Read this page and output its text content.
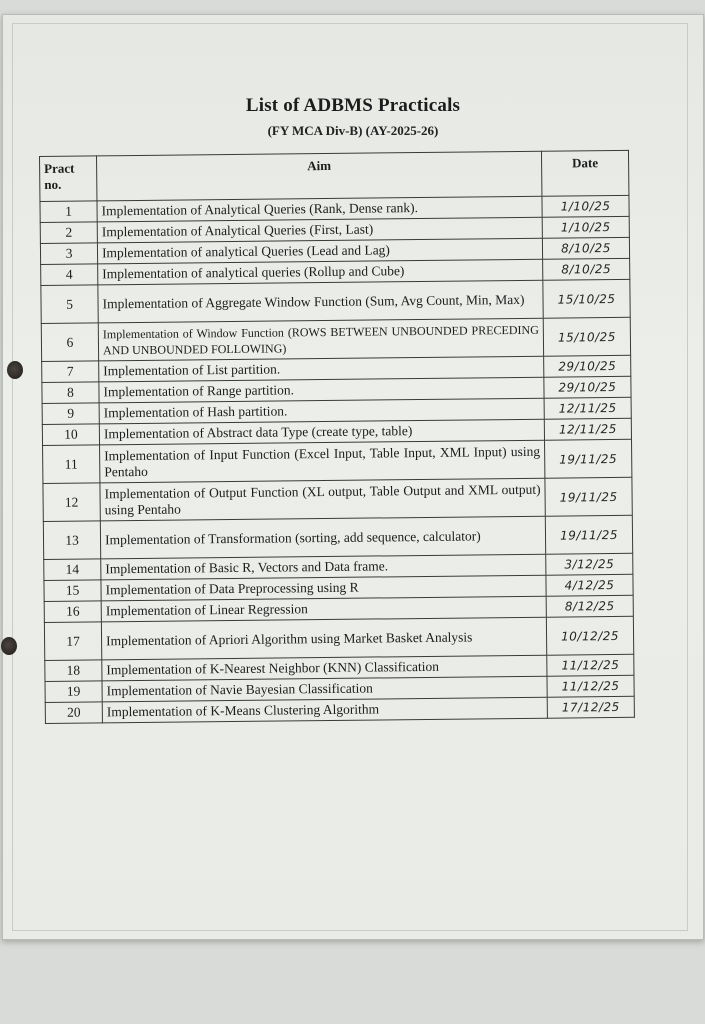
List of ADBMS Practicals
(FY MCA Div-B) (AY-2025-26)
Pract no.	Aim	Date
1	Implementation of Analytical Queries (Rank, Dense rank).	1/10/25
2	Implementation of Analytical Queries (First, Last)	1/10/25
3	Implementation of analytical Queries (Lead and Lag)	8/10/25
4	Implementation of analytical queries (Rollup and Cube)	8/10/25
5	Implementation of Aggregate Window Function (Sum, Avg Count, Min, Max)	15/10/25
6	Implementation of Window Function (ROWS BETWEEN UNBOUNDED PRECEDING AND UNBOUNDED FOLLOWING)	15/10/25
7	Implementation of List partition.	29/10/25
8	Implementation of Range partition.	29/10/25
9	Implementation of Hash partition.	12/11/25
10	Implementation of Abstract data Type (create type, table)	12/11/25
11	Implementation of Input Function (Excel Input, Table Input, XML Input) using Pentaho	19/11/25
12	Implementation of Output Function (XL output, Table Output and XML output) using Pentaho	19/11/25
13	Implementation of Transformation (sorting, add sequence, calculator)	19/11/25
14	Implementation of Basic R, Vectors and Data frame.	3/12/25
15	Implementation of Data Preprocessing using R	4/12/25
16	Implementation of Linear Regression	8/12/25
17	Implementation of Apriori Algorithm using Market Basket Analysis	10/12/25
18	Implementation of K-Nearest Neighbor (KNN) Classification	11/12/25
19	Implementation of Navie Bayesian Classification	11/12/25
20	Implementation of K-Means Clustering Algorithm	17/12/25
